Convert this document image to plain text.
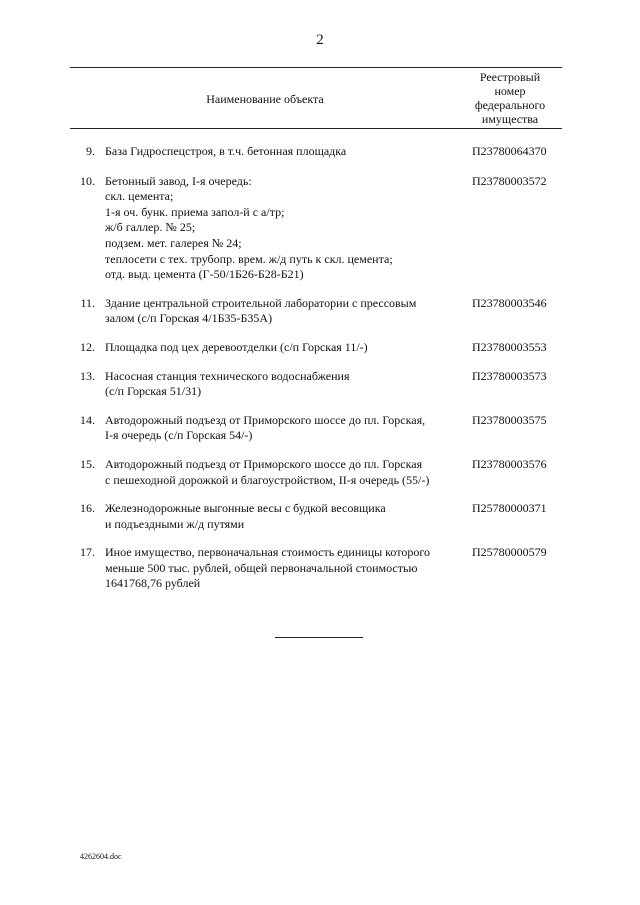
2
Наименование объекта
Реестровый
номер
федерального
имущества
9. База Гидроспецстроя, в т.ч. бетонная площадка	П23780064370
10. Бетонный завод, I-я очередь:
скл. цемента;
1-я оч. бунк. приема запол-й с а/тр;
ж/б галлер. № 25;
подзем. мет. галерея № 24;
теплосети с тех. трубопр. врем. ж/д путь к скл. цемента;
отд. выд. цемента (Г-50/1Б26-Б28-Б21)
П23780003572
11. Здание центральной строительной лаборатории с прессовым
залом (с/п Горская 4/1Б35-Б35А)
П23780003546
12. Площадка под цех деревоотделки (с/п Горская 11/-)	П23780003553
13. Насосная станция технического водоснабжения
(с/п Горская 51/31)
П23780003573
14. Автодорожный подъезд от Приморского шоссе до пл. Горская,
I-я очередь (с/п Горская 54/-)
П23780003575
15. Автодорожный подъезд от Приморского шоссе до пл. Горская
с пешеходной дорожкой и благоустройством, II-я очередь (55/-)
П23780003576
16. Железнодорожные выгонные весы с будкой весовщика
и подъездными ж/д путями
П25780000371
17. Иное имущество, первоначальная стоимость единицы которого
меньше 500 тыс. рублей, общей первоначальной стоимостью
1641768,76 рублей
П25780000579
4262604.doc
